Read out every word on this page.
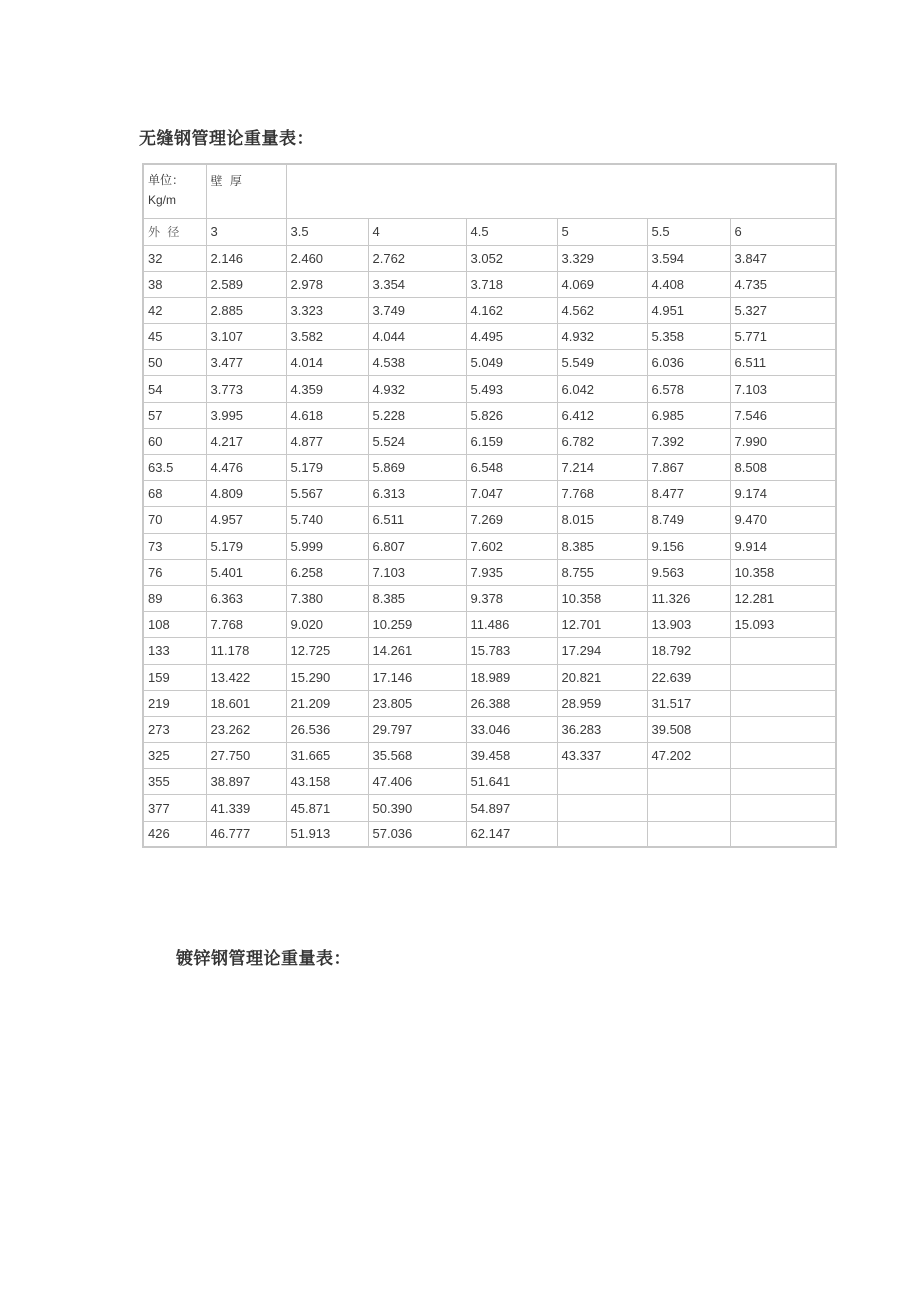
无缝钢管理论重量表：
单位：
Kg/m	壁 厚						
外 径	3	3.5	4	4.5	5	5.5	6
32	2.146	2.460	2.762	3.052	3.329	3.594	3.847
38	2.589	2.978	3.354	3.718	4.069	4.408	4.735
42	2.885	3.323	3.749	4.162	4.562	4.951	5.327
45	3.107	3.582	4.044	4.495	4.932	5.358	5.771
50	3.477	4.014	4.538	5.049	5.549	6.036	6.511
54	3.773	4.359	4.932	5.493	6.042	6.578	7.103
57	3.995	4.618	5.228	5.826	6.412	6.985	7.546
60	4.217	4.877	5.524	6.159	6.782	7.392	7.990
63.5	4.476	5.179	5.869	6.548	7.214	7.867	8.508
68	4.809	5.567	6.313	7.047	7.768	8.477	9.174
70	4.957	5.740	6.511	7.269	8.015	8.749	9.470
73	5.179	5.999	6.807	7.602	8.385	9.156	9.914
76	5.401	6.258	7.103	7.935	8.755	9.563	10.358
89	6.363	7.380	8.385	9.378	10.358	11.326	12.281
108	7.768	9.020	10.259	11.486	12.701	13.903	15.093
133	11.178	12.725	14.261	15.783	17.294	18.792	
159	13.422	15.290	17.146	18.989	20.821	22.639	
219	18.601	21.209	23.805	26.388	28.959	31.517	
273	23.262	26.536	29.797	33.046	36.283	39.508	
325	27.750	31.665	35.568	39.458	43.337	47.202	
355	38.897	43.158	47.406	51.641			
377	41.339	45.871	50.390	54.897			
426	46.777	51.913	57.036	62.147			
镀锌钢管理论重量表：
